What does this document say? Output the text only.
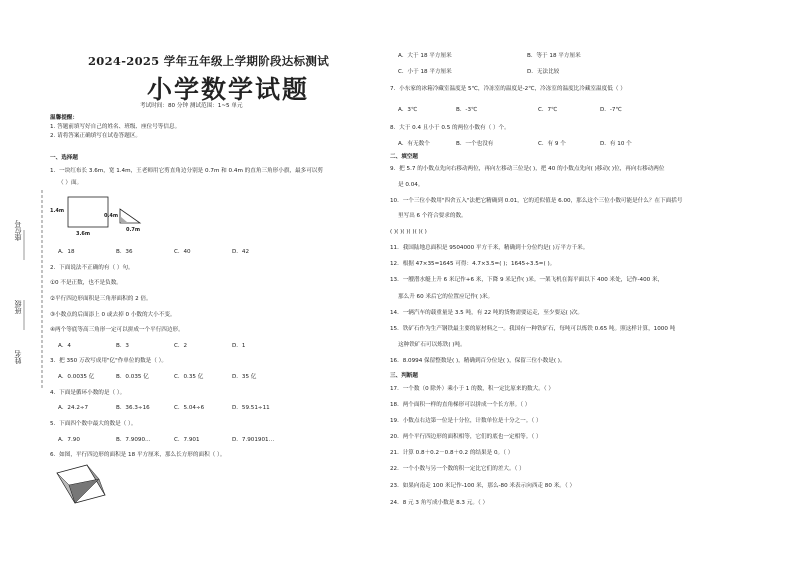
座位号
班级
姓名
2024-2025 学年五年级上学期阶段达标测试
小学数学试题
考试时间：80 分钟 测试范围：1~5 单元
温馨提醒：
1. 答题前填写好自己的姓名、班级、座位号等信息。
2. 请将答案正确填写在试卷答题区。
一、选择题
1．一块红布长 3.6m，宽 1.4m，王老师用它剪直角边分别是 0.7m 和 0.4m 的直角三角形小旗，最多可以剪
（ ）面。
1.4m
3.6m
0.4m
0.7m
A．18	B．36	C．40	D．42
2．下面说法不正确的有（ ）句。
①0 不是正数，也不是负数。
②平行四边形面积是三角形面积的 2 倍。
③小数点的后面添上 0 或去掉 0 小数的大小不变。
④两个等底等高三角形一定可以拼成一个平行四边形。
A．4	B．3	C．2	D．1
3．把 350 万改写成用"亿"作单位的数是（ ）。
A．0.0035 亿	B．0.035 亿	C．0.35 亿	D．35 亿
4．下面是循环小数的是（ ）。
A．24.2÷7	B．36.3÷16	C．5.04÷6	D．59.51÷11
5．下面四个数中最大的数是（ ）。
A．7.90	B．7.9090…	C．7.901	D．7.901901…
6．如图，平行四边形的面积是 18 平方厘米，那么长方形的面积（ ）。
A．大于 18 平方厘米	B．等于 18 平方厘米
C．小于 18 平方厘米	D．无法比较
7．小东家的冰箱冷藏室温度是 5℃，冷冻室的温度是-2℃，冷冻室的温度比冷藏室温度低（ ）
A．3℃	B．-3℃	C．7℃	D．-7℃
8．大于 0.4 且小于 0.5 的两位小数有（ ）个。
A．有无数个	B．一个也没有	C．有 9 个	D．有 10 个
二、填空题
9．把 5.7 的小数点先向右移动两位，再向左移动三位是( )，把 40 的小数点先向( )移动( )位，再向右移动两位
是 0.04。
10．一个三位小数用"四舍五入"法把它精确到 0.01，它的近似值是 6.00，那么这个三位小数可能是什么？在下面括号
里写出 6 个符合要求的数。
( )( )( )( )( )( )
11．我国陆地总面积是 9504000 平方千米，精确到十分位约是( )万平方千米。
12．根据 47×35=1645 可得：4.7×3.5=( )；1645÷3.5=( )。
13．一艘潜水艇上升 6 米记作+6 米，下降 9 米记作( )米。一架飞机在海平面以下 400 米处，记作-400 米，
那么升 60 米后它的位置应记作( )米。
14．一辆汽车的载重量是 3.5 吨，有 22 吨的货物需要运走，至少要运( )次。
15．铁矿石作为生产钢铁最主要的原材料之一。我国有一种铁矿石，每吨可以炼铁 0.65 吨。照这样计算，1000 吨
这种铁矿石可以炼铁( )吨。
16．8.0994 保留整数是( )，精确到百分位是( )，保留三位小数是( )。
三、判断题
17．一个数（0 除外）乘小于 1 的数，积一定比原来的数大。（ ）
18．两个面积一样的直角梯形可以拼成一个长方形。（ ）
19．小数点右边第一位是十分位，计数单位是十分之一。（ ）
20．两个平行四边形的面积相等，它们的底也一定相等。（ ）
21．计算 0.8＋0.2－0.8＋0.2 的结果是 0。（ ）
22．一个小数与另一个数的积一定比它们的差大。（ ）
23．如果向南走 100 米记作-100 米，那么-80 米表示向西走 80 米。（ ）
24．8 元 3 角写成小数是 8.3 元。（ ）
